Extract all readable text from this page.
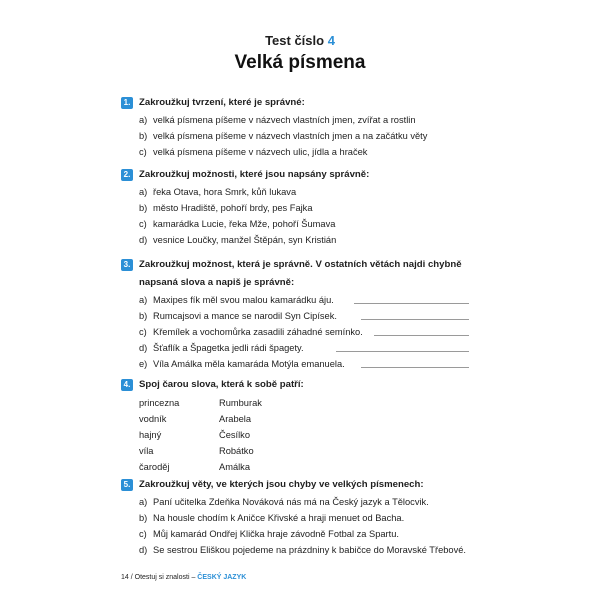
Test číslo 4
Velká písmena
1. Zakroužkuj tvrzení, které je správné:
a) velká písmena píšeme v názvech vlastních jmen, zvířat a rostlin
b) velká písmena píšeme v názvech vlastních jmen a na začátku věty
c) velká písmena píšeme v názvech ulic, jídla a hraček
2. Zakroužkuj možnosti, které jsou napsány správně:
a) řeka Otava, hora Smrk, kůň lukava
b) město Hradiště, pohoří brdy, pes Fajka
c) kamarádka Lucie, řeka Mže, pohoří Šumava
d) vesnice Loučky, manžel Štěpán, syn Kristián
3. Zakroužkuj možnost, která je správně. V ostatních větách najdi chybně
napsaná slova a napiš je správně:
a) Maxipes fík měl svou malou kamarádku áju.
b) Rumcajsovi a mance se narodil Syn Cipísek.
c) Křemílek a vochomůrka zasadili záhadné semínko.
d) Šťaflík a Špagetka jedli rádi špagety.
e) Víla Amálka měla kamaráda Motýla emanuela.
4. Spoj čarou slova, která k sobě patří:
princezna	Rumburak
vodník	Arabela
hajný	Česílko
víla	Robátko
čaroděj	Amálka
5. Zakroužkuj věty, ve kterých jsou chyby ve velkých písmenech:
a) Paní učitelka Zdeňka Nováková nás má na Český jazyk a Tělocvik.
b) Na housle chodím k Aničce Křivské a hraji menuet od Bacha.
c) Můj kamarád Ondřej Klička hraje závodně Fotbal za Spartu.
d) Se sestrou Eliškou pojedeme na prázdniny k babičce do Moravské Třebové.
14 / Otestuj si znalosti – ČESKÝ JAZYK
